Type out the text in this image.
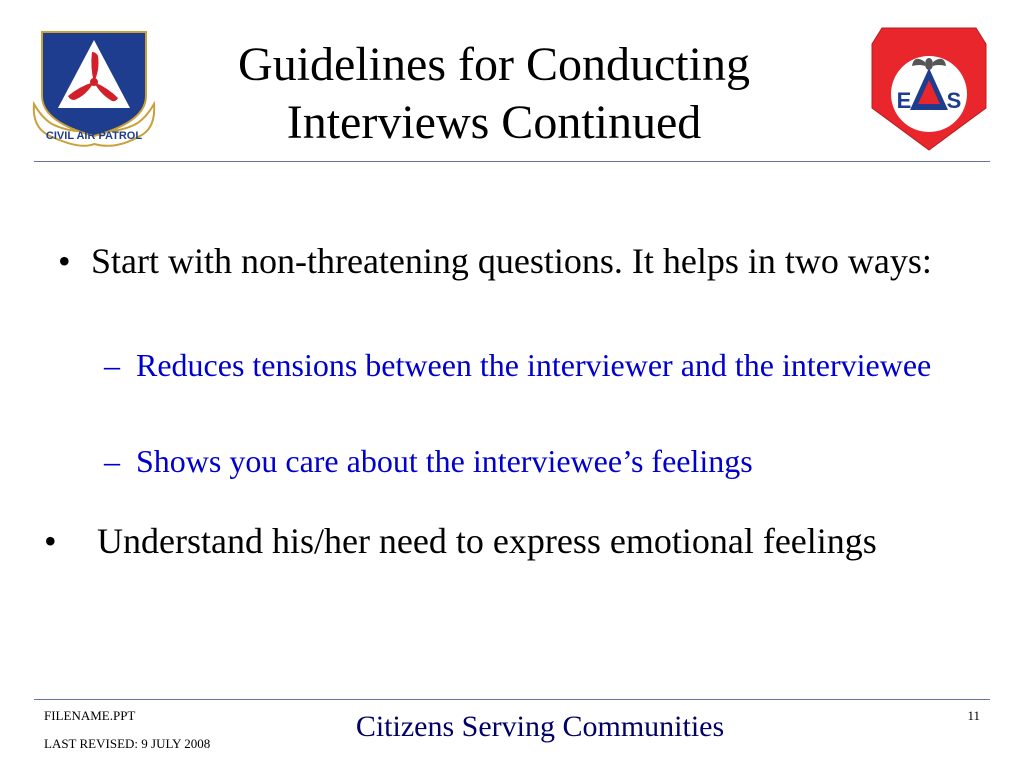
CIVIL AIR PATROL
Guidelines for Conducting
Interviews Continued	E S
• Start with non-threatening questions. It helps in two ways:
– Reduces tensions between the interviewer and the interviewee
– Shows you care about the interviewee’s feelings
•	Understand his/her need to express emotional feelings
FILENAME.PPT
LAST REVISED: 9 JULY 2008
Citizens Serving Communities	11
